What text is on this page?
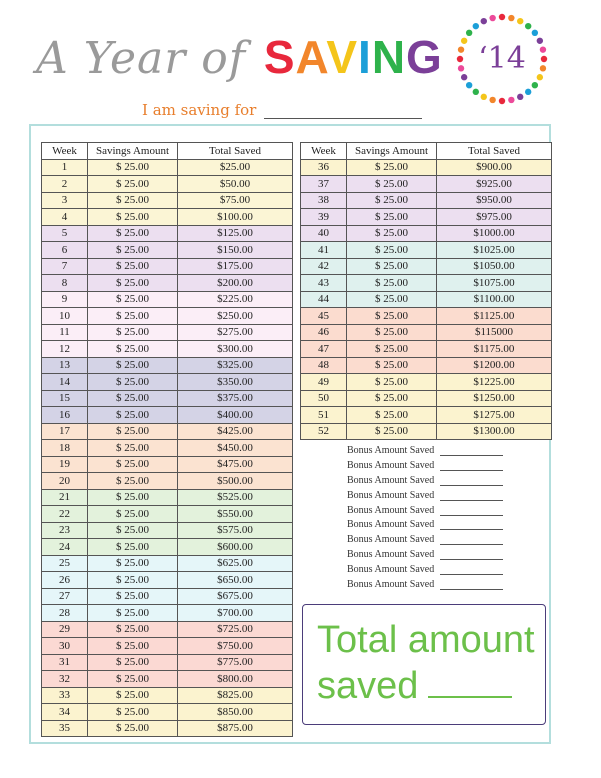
A Year of SAVING	‘14
I am saving for
Week	Savings Amount	Total Saved
1	$ 25.00	$25.00
2	$ 25.00	$50.00
3	$ 25.00	$75.00
4	$ 25.00	$100.00
5	$ 25.00	$125.00
6	$ 25.00	$150.00
7	$ 25.00	$175.00
8	$ 25.00	$200.00
9	$ 25.00	$225.00
10	$ 25.00	$250.00
11	$ 25.00	$275.00
12	$ 25.00	$300.00
13	$ 25.00	$325.00
14	$ 25.00	$350.00
15	$ 25.00	$375.00
16	$ 25.00	$400.00
17	$ 25.00	$425.00
18	$ 25.00	$450.00
19	$ 25.00	$475.00
20	$ 25.00	$500.00
21	$ 25.00	$525.00
22	$ 25.00	$550.00
23	$ 25.00	$575.00
24	$ 25.00	$600.00
25	$ 25.00	$625.00
26	$ 25.00	$650.00
27	$ 25.00	$675.00
28	$ 25.00	$700.00
29	$ 25.00	$725.00
30	$ 25.00	$750.00
31	$ 25.00	$775.00
32	$ 25.00	$800.00
33	$ 25.00	$825.00
34	$ 25.00	$850.00
35	$ 25.00	$875.00
Week	Savings Amount	Total Saved
36	$ 25.00	$900.00
37	$ 25.00	$925.00
38	$ 25.00	$950.00
39	$ 25.00	$975.00
40	$ 25.00	$1000.00
41	$ 25.00	$1025.00
42	$ 25.00	$1050.00
43	$ 25.00	$1075.00
44	$ 25.00	$1100.00
45	$ 25.00	$1125.00
46	$ 25.00	$115000
47	$ 25.00	$1175.00
48	$ 25.00	$1200.00
49	$ 25.00	$1225.00
50	$ 25.00	$1250.00
51	$ 25.00	$1275.00
52	$ 25.00	$1300.00
Bonus Amount Saved
Bonus Amount Saved
Bonus Amount Saved
Bonus Amount Saved
Bonus Amount Saved
Bonus Amount Saved
Bonus Amount Saved
Bonus Amount Saved
Bonus Amount Saved
Bonus Amount Saved
Total amount
saved
